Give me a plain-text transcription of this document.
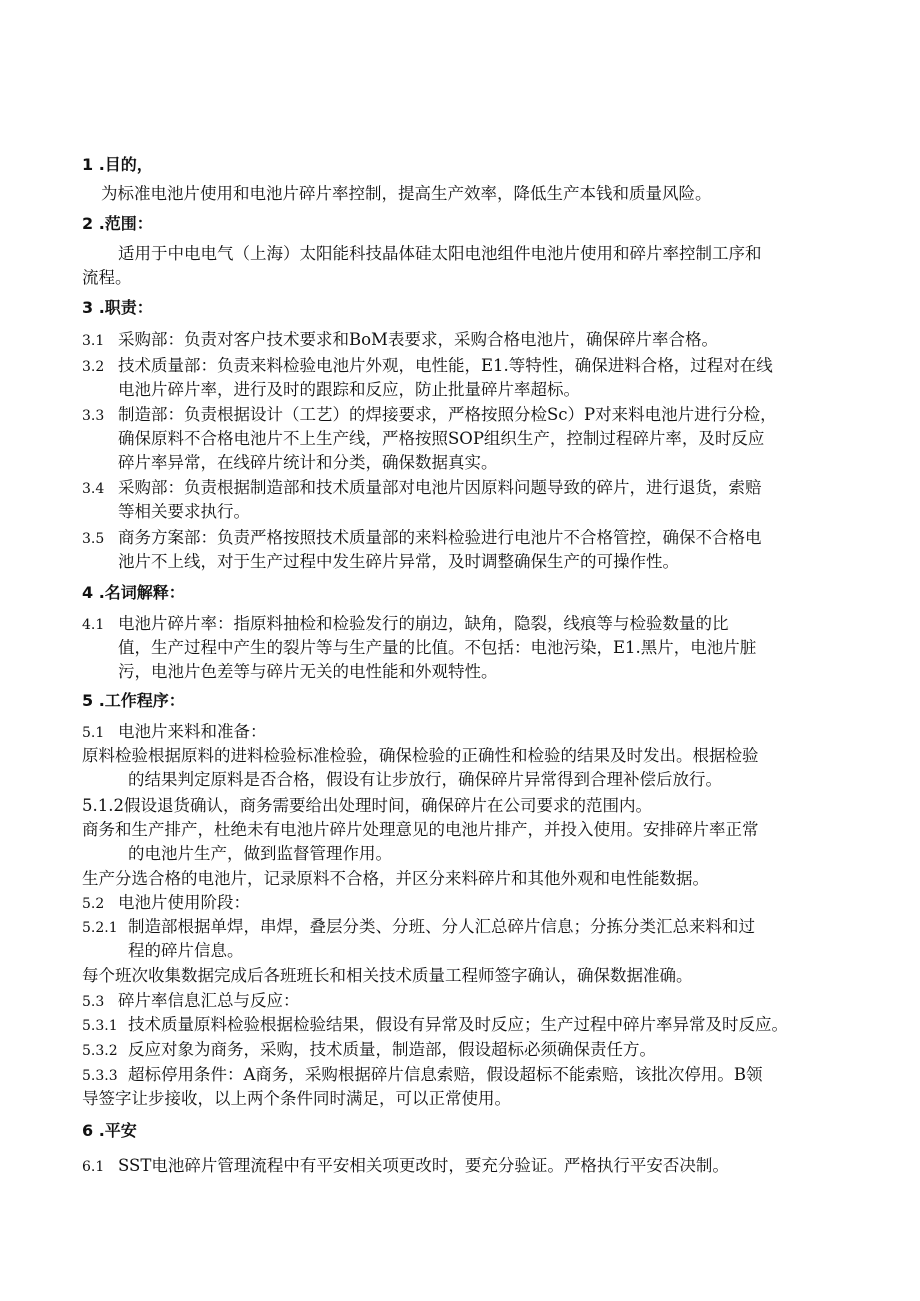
1 .目的，
为标准电池片使用和电池片碎片率控制，提高生产效率，降低生产本钱和质量风险。
2 .范围：
适用于中电电气（上海）太阳能科技晶体硅太阳电池组件电池片使用和碎片率控制工序和
流程。
3 .职责：
3.1 采购部：负责对客户技术要求和BoM表要求，采购合格电池片，确保碎片率合格。
3.2 技术质量部：负责来料检验电池片外观，电性能，E1.等特性，确保进料合格，过程对在线
电池片碎片率，进行及时的跟踪和反应，防止批量碎片率超标。
3.3 制造部：负责根据设计（工艺）的焊接要求，严格按照分检Sc）P对来料电池片进行分检，
确保原料不合格电池片不上生产线，严格按照SOP组织生产，控制过程碎片率，及时反应
碎片率异常，在线碎片统计和分类，确保数据真实。
3.4 采购部：负责根据制造部和技术质量部对电池片因原料问题导致的碎片，进行退货，索赔
等相关要求执行。
3.5 商务方案部：负责严格按照技术质量部的来料检验进行电池片不合格管控，确保不合格电
池片不上线，对于生产过程中发生碎片异常，及时调整确保生产的可操作性。
4 .名词解释：
4.1 电池片碎片率：指原料抽检和检验发行的崩边，缺角，隐裂，线痕等与检验数量的比
值，生产过程中产生的裂片等与生产量的比值。不包括：电池污染，E1.黑片，电池片脏
污，电池片色差等与碎片无关的电性能和外观特性。
5 .工作程序：
5.1 电池片来料和准备：
原料检验根据原料的进料检验标准检验，确保检验的正确性和检验的结果及时发出。根据检验
的结果判定原料是否合格，假设有让步放行，确保碎片异常得到合理补偿后放行。
5.1.2假设退货确认，商务需要给出处理时间，确保碎片在公司要求的范围内。
商务和生产排产，杜绝未有电池片碎片处理意见的电池片排产，并投入使用。安排碎片率正常
的电池片生产，做到监督管理作用。
生产分选合格的电池片，记录原料不合格，并区分来料碎片和其他外观和电性能数据。
5.2 电池片使用阶段：
5.2.1 制造部根据单焊，串焊，叠层分类、分班、分人汇总碎片信息；分拣分类汇总来料和过
程的碎片信息。
每个班次收集数据完成后各班班长和相关技术质量工程师签字确认，确保数据准确。
5.3 碎片率信息汇总与反应：
5.3.1 技术质量原料检验根据检验结果，假设有异常及时反应；生产过程中碎片率异常及时反应。
5.3.2 反应对象为商务，采购，技术质量，制造部，假设超标必须确保责任方。
5.3.3 超标停用条件：A商务，采购根据碎片信息索赔，假设超标不能索赔，该批次停用。B领
导签字让步接收，以上两个条件同时满足，可以正常使用。
6 .平安
6.1 SST电池碎片管理流程中有平安相关项更改时，要充分验证。严格执行平安否决制。
